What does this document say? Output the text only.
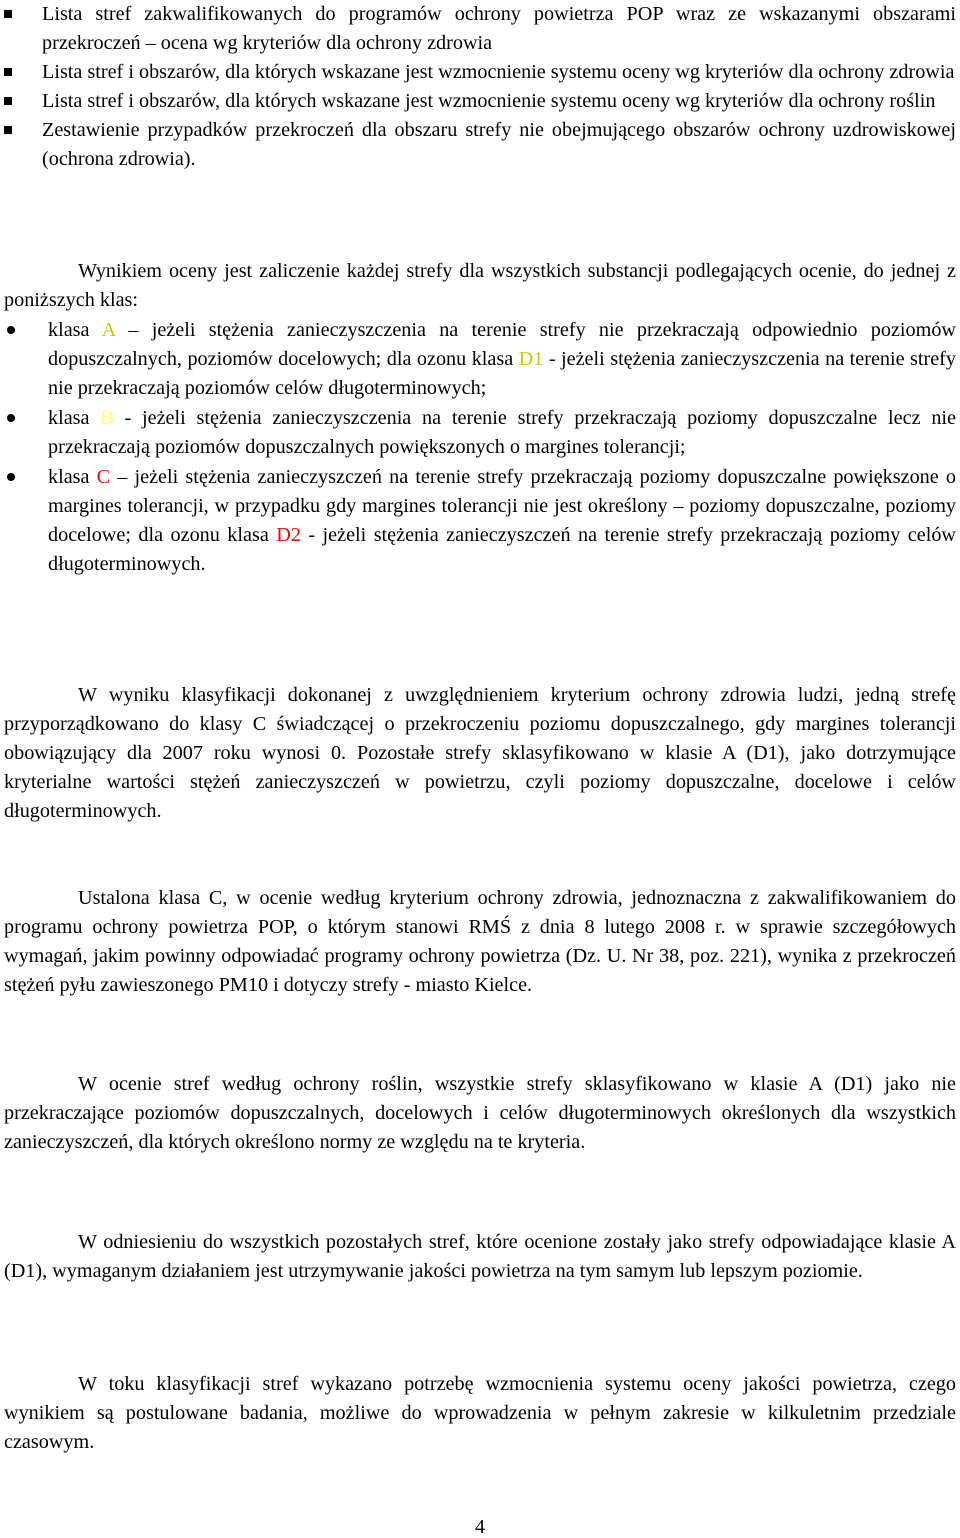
Lista stref zakwalifikowanych do programów ochrony powietrza POP wraz ze wskazanymi obszarami przekroczeń – ocena wg kryteriów dla ochrony zdrowia
Lista stref i obszarów, dla których wskazane jest wzmocnienie systemu oceny wg kryteriów dla ochrony zdrowia
Lista stref i obszarów, dla których wskazane jest wzmocnienie systemu oceny wg kryteriów dla ochrony roślin
Zestawienie przypadków przekroczeń dla obszaru strefy nie obejmującego obszarów ochrony uzdrowiskowej (ochrona zdrowia).

Wynikiem oceny jest zaliczenie każdej strefy dla wszystkich substancji podlegających ocenie, do jednej z poniższych klas:

klasa A – jeżeli stężenia zanieczyszczenia na terenie strefy nie przekraczają odpowiednio poziomów dopuszczalnych, poziomów docelowych; dla ozonu klasa D1 - jeżeli stężenia zanieczyszczenia na terenie strefy nie przekraczają poziomów celów długoterminowych;
klasa B - jeżeli stężenia zanieczyszczenia na terenie strefy przekraczają poziomy dopuszczalne lecz nie przekraczają poziomów dopuszczalnych powiększonych o margines tolerancji;
klasa C – jeżeli stężenia zanieczyszczeń na terenie strefy przekraczają poziomy dopuszczalne powiększone o margines tolerancji, w przypadku gdy margines tolerancji nie jest określony – poziomy dopuszczalne, poziomy docelowe; dla ozonu klasa D2 - jeżeli stężenia zanieczyszczeń na terenie strefy przekraczają poziomy celów długoterminowych.

W wyniku klasyfikacji dokonanej z uwzględnieniem kryterium ochrony zdrowia ludzi, jedną strefę przyporządkowano do klasy C świadczącej o przekroczeniu poziomu dopuszczalnego, gdy margines tolerancji obowiązujący dla 2007 roku wynosi 0. Pozostałe strefy sklasyfikowano w klasie A (D1), jako dotrzymujące kryterialne wartości stężeń zanieczyszczeń w powietrzu, czyli poziomy dopuszczalne, docelowe i celów długoterminowych.

Ustalona klasa C, w ocenie według kryterium ochrony zdrowia, jednoznaczna z zakwalifikowaniem do programu ochrony powietrza POP, o którym stanowi RMŚ z dnia 8 lutego 2008 r. w sprawie szczegółowych wymagań, jakim powinny odpowiadać programy ochrony powietrza (Dz. U. Nr 38, poz. 221), wynika z przekroczeń stężeń pyłu zawieszonego PM10 i dotyczy strefy - miasto Kielce.

W ocenie stref według ochrony roślin, wszystkie strefy sklasyfikowano w klasie A (D1) jako nie przekraczające poziomów dopuszczalnych, docelowych i celów długoterminowych określonych dla wszystkich zanieczyszczeń, dla których określono normy ze względu na te kryteria.

W odniesieniu do wszystkich pozostałych stref, które ocenione zostały jako strefy odpowiadające klasie A (D1), wymaganym działaniem jest utrzymywanie jakości powietrza na tym samym lub lepszym poziomie.

W toku klasyfikacji stref wykazano potrzebę wzmocnienia systemu oceny jakości powietrza, czego wynikiem są postulowane badania, możliwe do wprowadzenia w pełnym zakresie w kilkuletnim przedziale czasowym.

4
